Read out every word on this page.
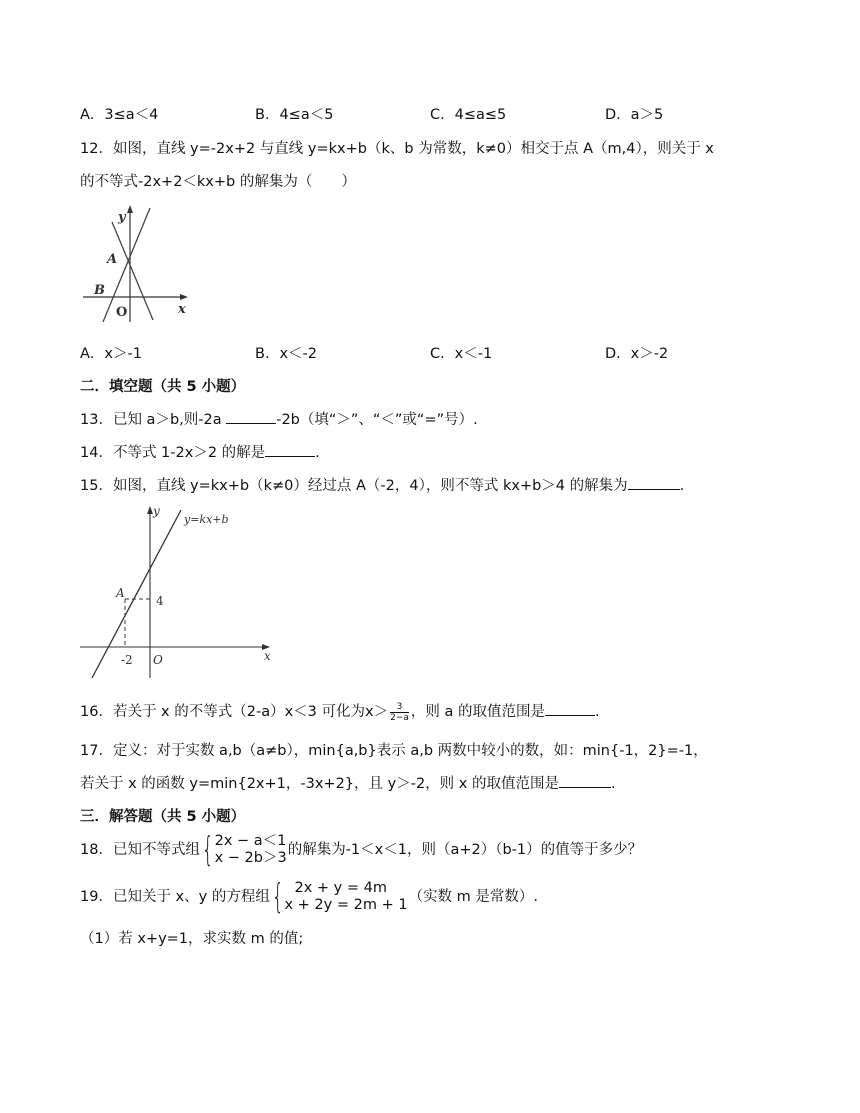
A．3≤a＜4	B．4≤a＜5	C．4≤a≤5	D．a＞5
12．如图，直线 y=-2x+2 与直线 y=kx+b（k、b 为常数，k≠0）相交于点 A（m,4），则关于 x
的不等式-2x+2＜kx+b 的解集为（　　）
y
x
A
B
O
A．x＞-1	B．x＜-2	C．x＜-1	D．x＞-2
二．填空题（共 5 小题）
13．已知 a＞b,则-2a	-2b（填“＞”、“＜”或“=”号）.
14．不等式 1-2x＞2 的解是	.
15．如图，直线 y=kx+b（k≠0）经过点 A（-2，4），则不等式 kx+b＞4 的解集为	.
y
y=kx+b
A
4
-2 O	x
16．若关于 x 的不等式（2-a）x＜3 可化为$x> \frac{3}{2-a}$ ，则 a 的取值范围是	.
17．定义：对于实数 a,b（a≠b），min{a,b}表示 a,b 两数中较小的数，如：min{-1，2}=-1，
若关于 x 的函数 y=min{2x+1，-3x+2}，且 y＞-2，则 x 的取值范围是	.
三．解答题（共 5 小题）
18．已知不等式组 { 2x − a＜1
x − 2b＞3 的解集为-1＜x＜1，则（a+2）（b-1）的值等于多少？
19．已知关于 x、y 的方程组 { 2x + y = 4m
x + 2y = 2m + 1 （实数 m 是常数）.
（1）若 x+y=1，求实数 m 的值;
